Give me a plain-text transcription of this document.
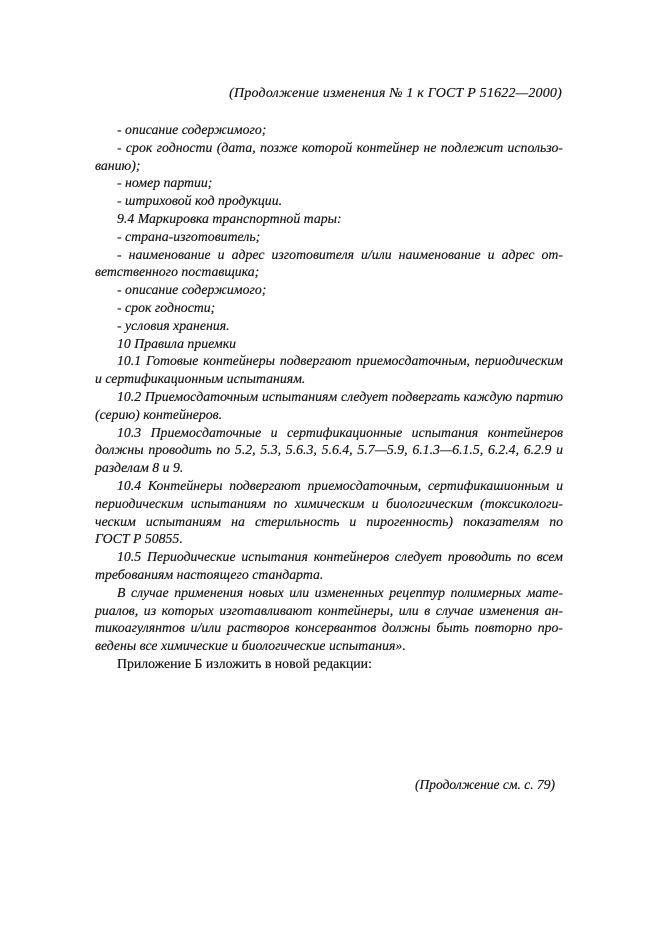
(Продолжение изменения № 1 к ГОСТ Р 51622—2000)
- описание содержимого;
- срок годности (дата, позже которой контейнер не подлежит использо-
ванию);
- номер партии;
- штриховой код продукции.
9.4 Маркировка транспортной тары:
- страна-изготовитель;
- наименование и адрес изготовителя и/или наименование и адрес от-
ветственного поставщика;
- описание содержимого;
- срок годности;
- условия хранения.
10 Правила приемки
10.1 Готовые контейнеры подвергают приемосдаточным, периодическим
и сертификационным испытаниям.
10.2 Приемосдаточным испытаниям следует подвергать каждую партию
(серию) контейнеров.
10.3 Приемосдаточные и сертификационные испытания контейнеров
должны проводить по 5.2, 5.3, 5.6.3, 5.6.4, 5.7—5.9, 6.1.3—6.1.5, 6.2.4, 6.2.9 и
разделам 8 и 9.
10.4 Контейнеры подвергают приемосдаточным, сертификашионным и
периодическим испытаниям по химическим и биологическим (токсикологи-
ческим испытаниям на стерильность и пирогенность) показателям по
ГОСТ Р 50855.
10.5 Периодические испытания контейнеров следует проводить по всем
требованиям настоящего стандарта.
В случае применения новых или измененных рецептур полимерных мате-
риалов, из которых изготавливают контейнеры, или в случае изменения ан-
тикоагулянтов и/или растворов консервантов должны быть повторно про-
ведены все химические и биологические испытания».
Приложение Б изложить в новой редакции:
(Продолжение см. с. 79)
